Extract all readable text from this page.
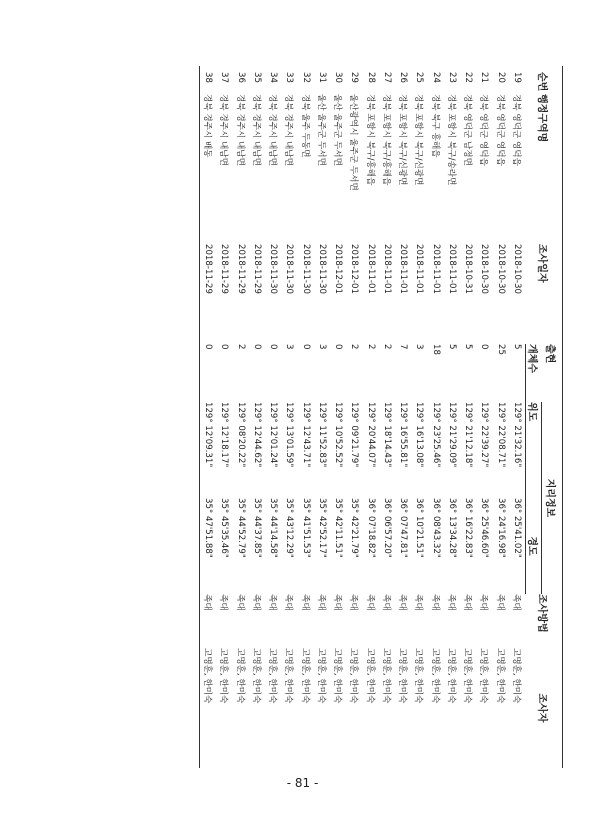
순번	행정구역명	조사일자	출현	지리정보		조사방법	조사자
			개체수	위도	경도		
19	경북 영덕군 영덕읍	2018-10-30	5	129° 21'32.16"	36° 25'41.02"	족대	고명훈, 한미숙
20	경북 영덕군 영덕읍	2018-10-30	25	129° 22'08.71"	36° 24'16.98"	족대	고명훈, 한미숙
21	경북 영덕군 영덕읍	2018-10-30	0	129° 22'39.27"	36° 25'46.60"	족대	고명훈, 한미숙
22	경북 영덕군 남정면	2018-10-31	5	129° 21'12.18"	36° 16'22.83"	족대	고명훈, 한미숙
23	경북 포항시 북구/송라면	2018-11-01	5	129° 21'29.09"	36° 13'34.28"	족대	고명훈, 한미숙
24	경북 북구 흥해읍	2018-11-01	18	129° 23'25.46"	36° 08'43.32"	족대	고명훈, 한미숙
25	경북 포항시 북구/신광면	2018-11-01	3	129° 16'13.08"	36° 10'21.51"	족대	고명훈, 한미숙
26	경북 포항시 북구/신광면	2018-11-01	7	129° 16'55.81"	36° 07'47.81"	족대	고명훈, 한미숙
27	경북 포항시 북구/흥해읍	2018-11-01	2	129° 18'14.43"	36° 06'57.20"	족대	고명훈, 한미숙
28	경북 포항시 북구/흥해읍	2018-11-01	2	129° 20'44.07"	36° 07'18.82"	족대	고명훈, 한미숙
29	울산광역시 울주군 두서면	2018-12-01	2	129° 09'21.79"	35° 42'21.79"	족대	고명훈, 한미숙
30	울산 울주군 두서면	2018-12-01	0	129° 10'52.52"	35° 42'11.51"	족대	고명훈, 한미숙
31	울산 울주군 두서면	2018-11-30	3	129° 11'52.83"	35° 42'52.17"	족대	고명훈, 한미숙
32	경북 울주 두동면	2018-11-30	0	129° 12'43.71"	35° 41'51.53"	족대	고명훈, 한미숙
33	경북 경주시 내남면	2018-11-30	3	129° 13'01.59"	35° 43'12.29"	족대	고명훈, 한미숙
34	경북 경주시 내남면	2018-11-30	0	129° 12'01.24"	35° 44'14.58"	족대	고명훈, 한미숙
35	경북 경주시 내남면	2018-11-29	0	129° 12'44.62"	35° 44'37.85"	족대	고명훈, 한미숙
36	경북 경주시 내남면	2018-11-29	2	129° 08'20.22"	35° 44'52.79"	족대	고명훈, 한미숙
37	경북 경주시 내남면	2018-11-29	0	129° 12'18.17"	35° 45'35.46"	족대	고명훈, 한미숙
38	경북 경주시 배동	2018-11-29	0	129° 12'09.31"	35° 47'51.88"	족대	고명훈, 한미숙
- 81 -
